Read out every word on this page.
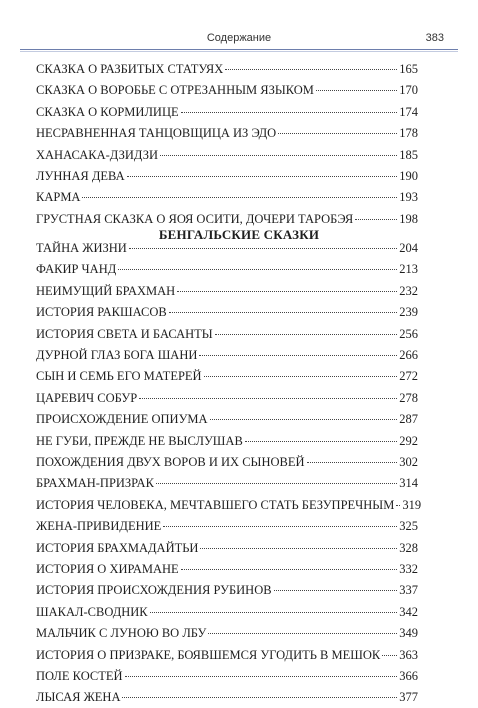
Содержание	383
БЕНГАЛЬСКИЕ СКАЗКИ
СКАЗКА О РАЗБИТЫХ СТАТУЯХ	165
СКАЗКА О ВОРОБЬЕ С ОТРЕЗАННЫМ ЯЗЫКОМ	170
СКАЗКА О КОРМИЛИЦЕ	174
НЕСРАВНЕННАЯ ТАНЦОВЩИЦА ИЗ ЭДО	178
ХАНАСАКА-ДЗИДЗИ	185
ЛУННАЯ ДЕВА	190
КАРМА	193
ГРУСТНАЯ СКАЗКА О ЯОЯ ОСИТИ, ДОЧЕРИ ТАРОБЭЯ	198
ТАЙНА ЖИЗНИ	204
ФАКИР ЧАНД	213
НЕИМУЩИЙ БРАХМАН	232
ИСТОРИЯ РАКШАСОВ	239
ИСТОРИЯ СВЕТА И БАСАНТЫ	256
ДУРНОЙ ГЛАЗ БОГА ШАНИ	266
СЫН И СЕМЬ ЕГО МАТЕРЕЙ	272
ЦАРЕВИЧ СОБУР	278
ПРОИСХОЖДЕНИЕ ОПИУМА	287
НЕ ГУБИ, ПРЕЖДЕ НЕ ВЫСЛУШАВ	292
ПОХОЖДЕНИЯ ДВУХ ВОРОВ И ИХ СЫНОВЕЙ	302
БРАХМАН-ПРИЗРАК	314
ИСТОРИЯ ЧЕЛОВЕКА, МЕЧТАВШЕГО СТАТЬ БЕЗУПРЕЧНЫМ 319
ЖЕНА-ПРИВИДЕНИЕ	325
ИСТОРИЯ БРАХМАДАЙТЬИ	328
ИСТОРИЯ О ХИРАМАНЕ	332
ИСТОРИЯ ПРОИСХОЖДЕНИЯ РУБИНОВ	337
ШАКАЛ-СВОДНИК	342
МАЛЬЧИК С ЛУНОЮ ВО ЛБУ	349
ИСТОРИЯ О ПРИЗРАКЕ, БОЯВШЕМСЯ УГОДИТЬ В МЕШОК 363
ПОЛЕ КОСТЕЙ	366
ЛЫСАЯ ЖЕНА	377
